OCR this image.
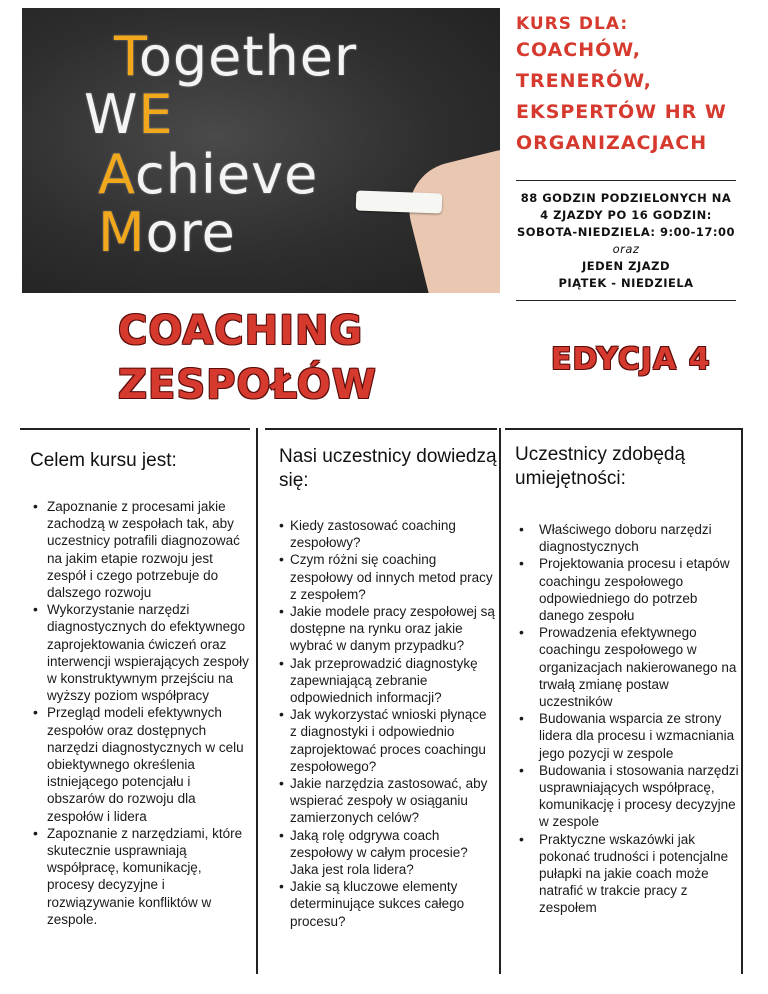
Together
WE
Achieve
More
KURS DLA:
COACHÓW,
TRENERÓW,
EKSPERTÓW HR W
ORGANIZACJACH
88 GODZIN PODZIELONYCH NA
4 ZJAZDY PO 16 GODZIN:
SOBOTA-NIEDZIELA: 9:00-17:00
oraz
JEDEN ZJAZD
PIĄTEK - NIEDZIELA
COACHING
ZESPOŁÓW
EDYCJA 4
Celem kursu jest:
• Zapoznanie z procesami jakie zachodzą w zespołach tak, aby uczestnicy potrafili diagnozować na jakim etapie rozwoju jest zespół i czego potrzebuje do dalszego rozwoju
• Wykorzystanie narzędzi diagnostycznych do efektywnego zaprojektowania ćwiczeń oraz interwencji wspierających zespoły w konstruktywnym przejściu na wyższy poziom współpracy
• Przegląd modeli efektywnych zespołów oraz dostępnych narzędzi diagnostycznych w celu obiektywnego określenia istniejącego potencjału i obszarów do rozwoju dla zespołów i lidera
• Zapoznanie z narzędziami, które skutecznie usprawniają współpracę, komunikację, procesy decyzyjne i rozwiązywanie konfliktów w zespole.
Nasi uczestnicy dowiedzą się:
• Kiedy zastosować coaching zespołowy?
• Czym różni się coaching zespołowy od innych metod pracy z zespołem?
• Jakie modele pracy zespołowej są dostępne na rynku oraz jakie wybrać w danym przypadku?
• Jak przeprowadzić diagnostykę zapewniającą zebranie odpowiednich informacji?
• Jak wykorzystać wnioski płynące z diagnostyki i odpowiednio zaprojektować proces coachingu zespołowego?
• Jakie narzędzia zastosować, aby wspierać zespoły w osiąganiu zamierzonych celów?
• Jaką rolę odgrywa coach zespołowy w całym procesie? Jaka jest rola lidera?
• Jakie są kluczowe elementy determinujące sukces całego procesu?
Uczestnicy zdobędą umiejętności:
• Właściwego doboru narzędzi diagnostycznych
• Projektowania procesu i etapów coachingu zespołowego odpowiedniego do potrzeb danego zespołu
• Prowadzenia efektywnego coachingu zespołowego w organizacjach nakierowanego na trwałą zmianę postaw uczestników
• Budowania wsparcia ze strony lidera dla procesu i wzmacniania jego pozycji w zespole
• Budowania i stosowania narzędzi usprawniających współpracę, komunikację i procesy decyzyjne w zespole
• Praktyczne wskazówki jak pokonać trudności i potencjalne pułapki na jakie coach może natrafić w trakcie pracy z zespołem
